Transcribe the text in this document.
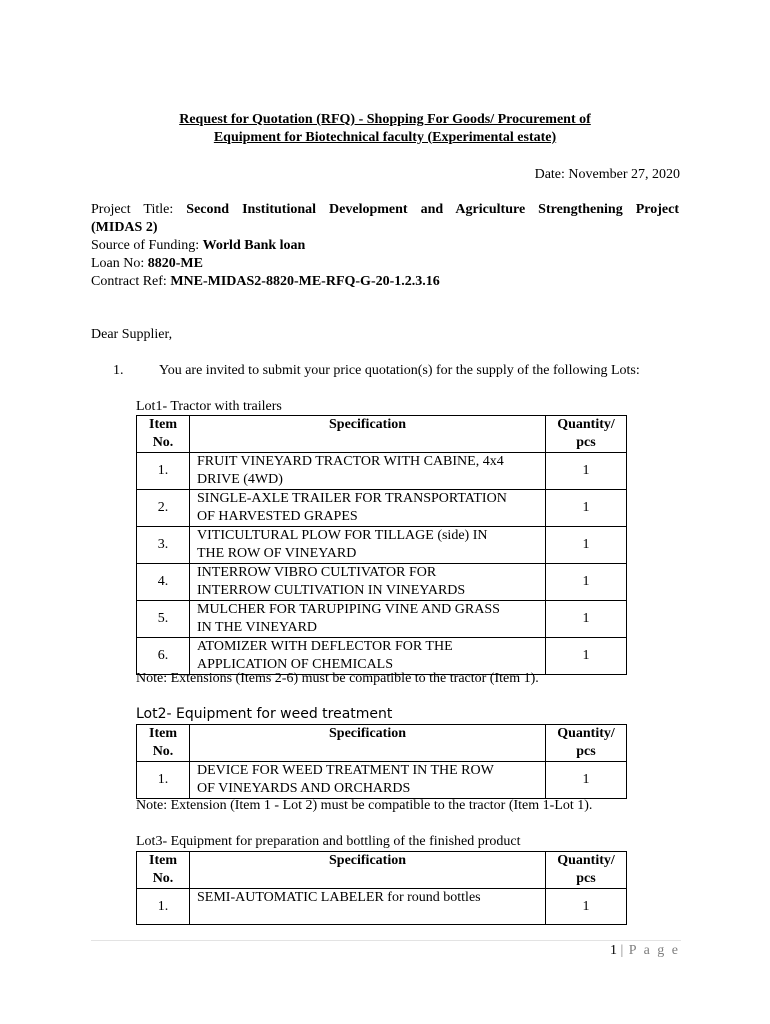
Request for Quotation (RFQ) - Shopping For Goods/ Procurement of
Equipment for Biotechnical faculty (Experimental estate)
Date: November 27, 2020
Project Title: Second Institutional Development and Agriculture Strengthening Project
(MIDAS 2)
Source of Funding: World Bank loan
Loan No: 8820-ME
Contract Ref: MNE-MIDAS2-8820-ME-RFQ-G-20-1.2.3.16
Dear Supplier,
1.	You are invited to submit your price quotation(s) for the supply of the following Lots:
Lot1- Tractor with trailers
Item
No.	Specification	Quantity/
pcs
1.	FRUIT VINEYARD TRACTOR WITH CABINE, 4x4
DRIVE (4WD)	1
2.	SINGLE-AXLE TRAILER FOR TRANSPORTATION
OF HARVESTED GRAPES	1
3.	VITICULTURAL PLOW FOR TILLAGE (side) IN
THE ROW OF VINEYARD	1
4.	INTERROW VIBRO CULTIVATOR FOR
INTERROW CULTIVATION IN VINEYARDS	1
5.	MULCHER FOR TARUPIPING VINE AND GRASS
IN THE VINEYARD	1
6.	ATOMIZER WITH DEFLECTOR FOR THE
APPLICATION OF CHEMICALS	1
Note: Extensions (Items 2-6) must be compatible to the tractor (Item 1).
Lot2- Equipment for weed treatment
Item
No.	Specification	Quantity/
pcs
1.	DEVICE FOR WEED TREATMENT IN THE ROW
OF VINEYARDS AND ORCHARDS	1
Note: Extension (Item 1 - Lot 2) must be compatible to the tractor (Item 1-Lot 1).
Lot3- Equipment for preparation and bottling of the finished product
Item
No.	Specification	Quantity/
pcs
1.	SEMI-AUTOMATIC LABELER for round bottles	1
1 | P a g e
